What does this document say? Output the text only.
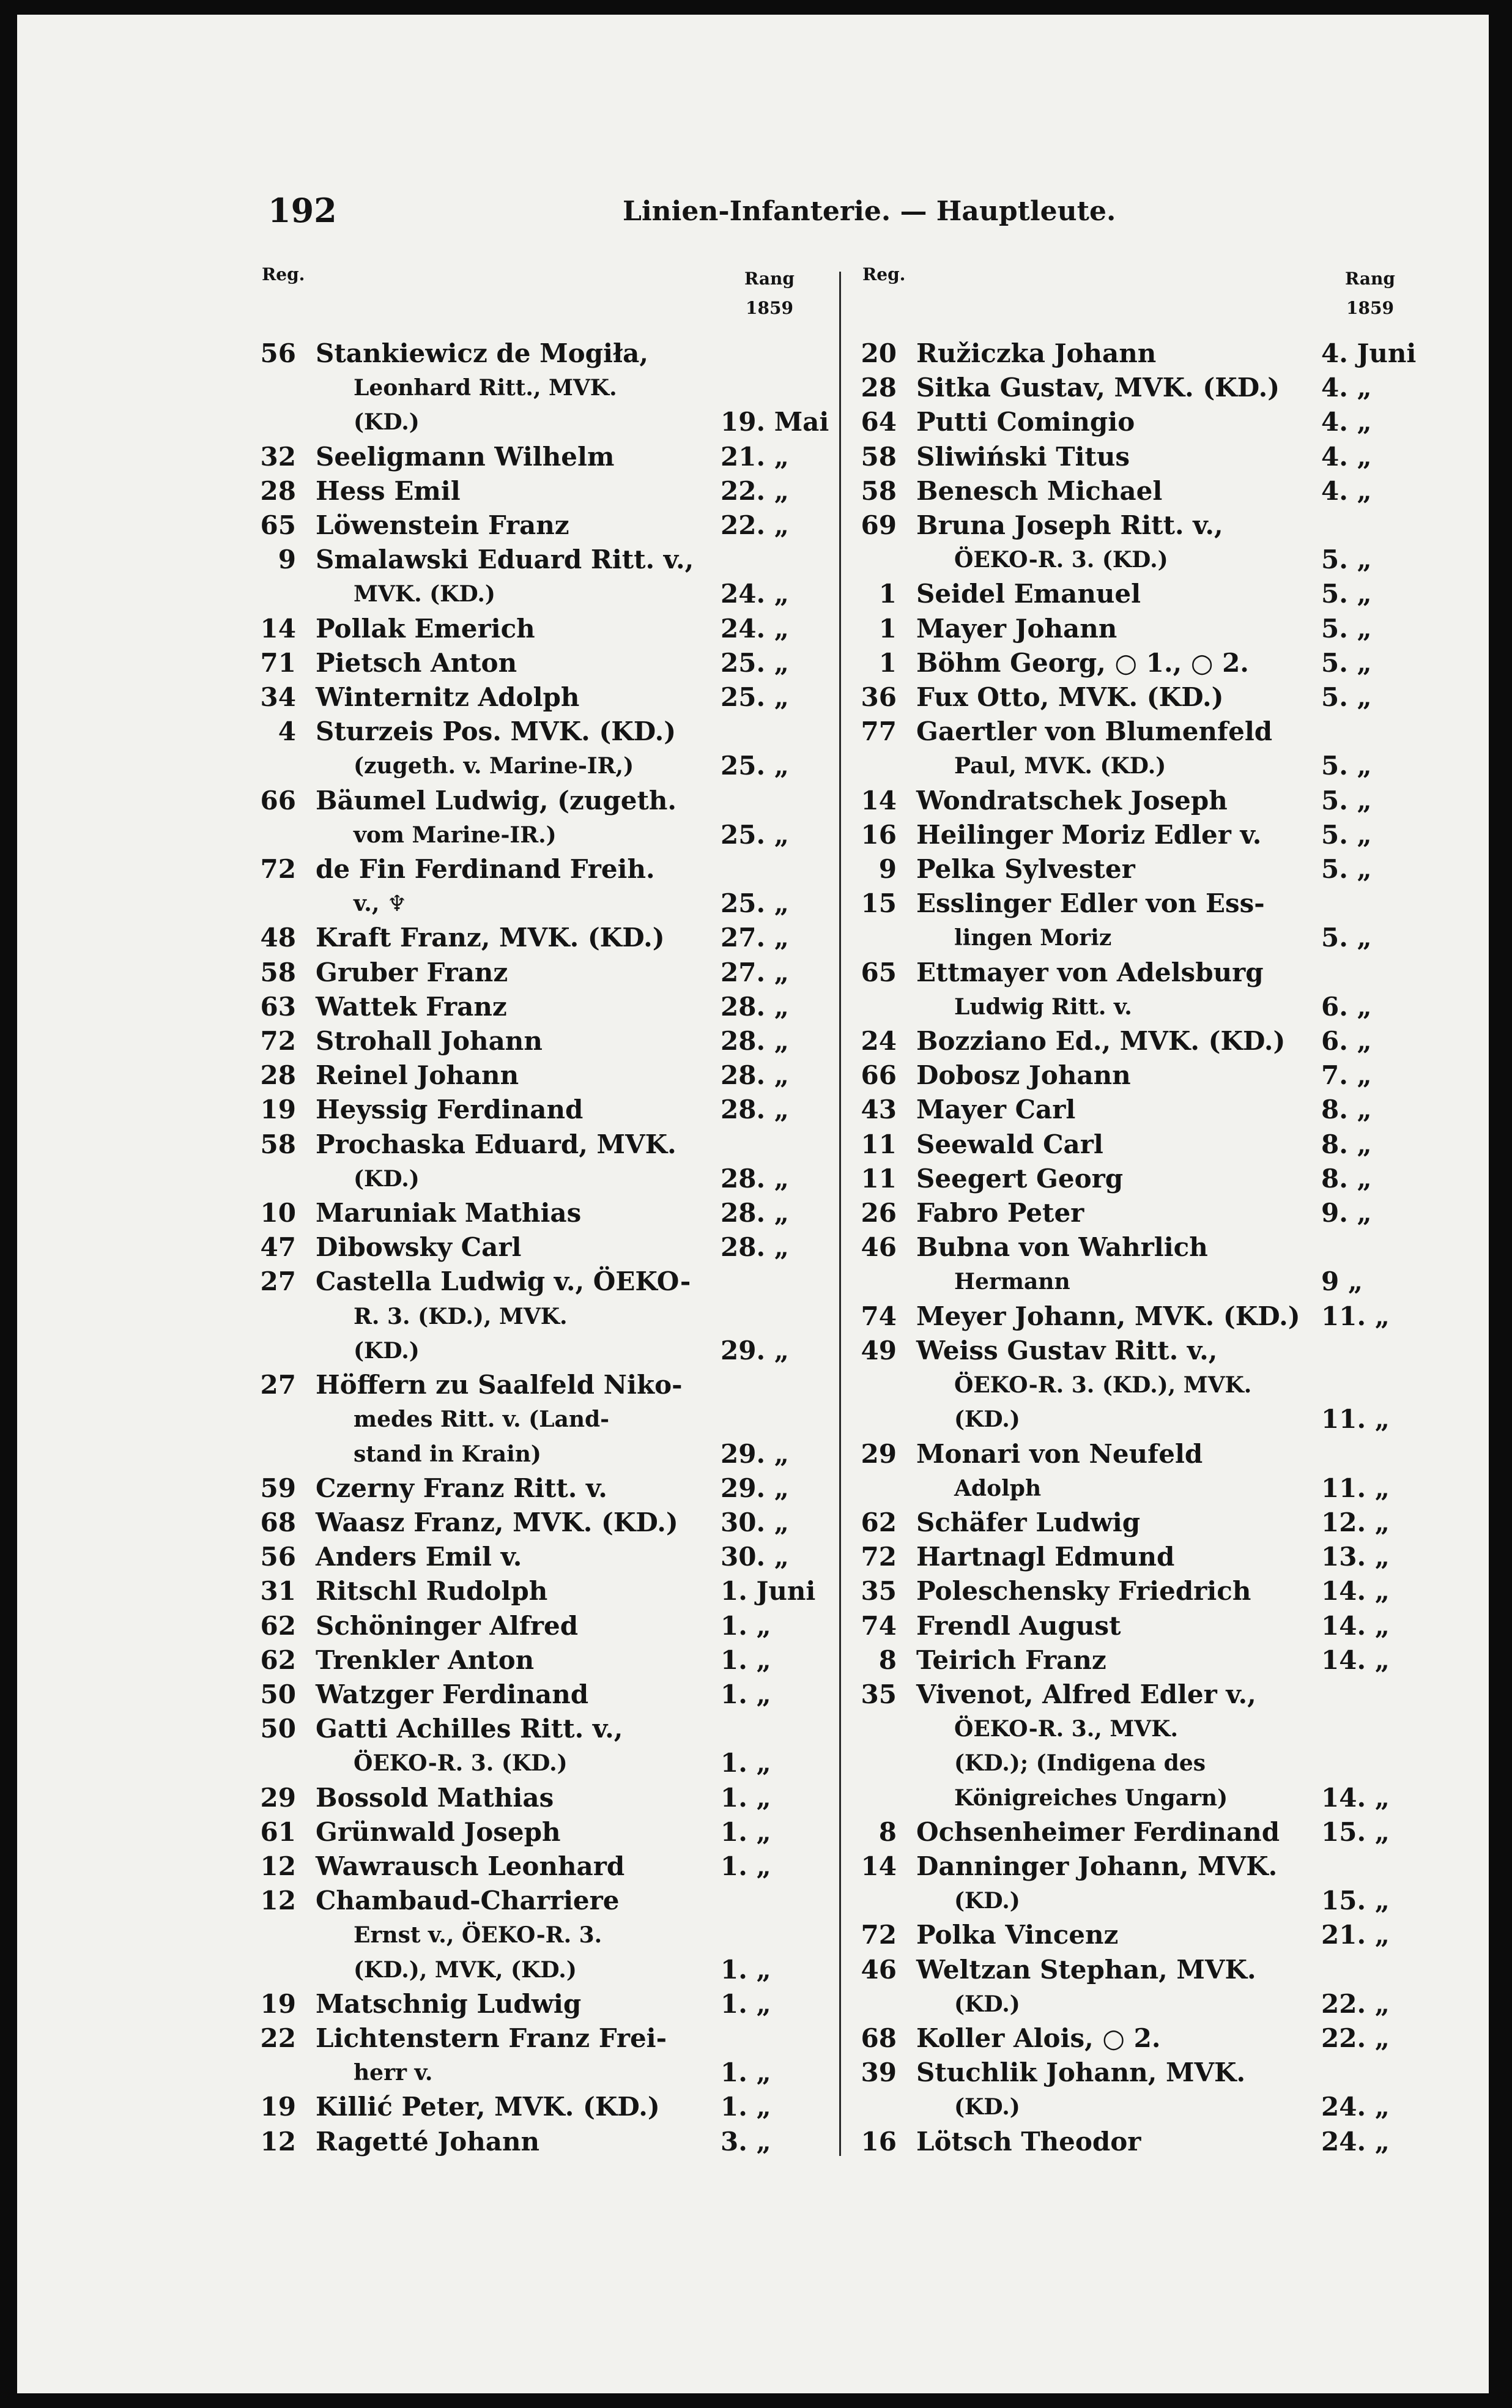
192	Linien-Infanterie. — Hauptleute.
Reg.	Rang
1859
56 Stankiewicz de Mogiła,
Leonhard Ritt., MVK.
(KD.)	19. Mai
32 Seeligmann Wilhelm	21. „
28 Hess Emil	22. „
65 Löwenstein Franz	22. „
9 Smalawski Eduard Ritt. v.,
MVK. (KD.)	24. „
14 Pollak Emerich	24. „
71 Pietsch Anton	25. „
34 Winternitz Adolph	25. „
4 Sturzeis Pos. MVK. (KD.)
(zugeth. v. Marine-IR,)	25. „
66 Bäumel Ludwig, (zugeth.
vom Marine-IR.)	25. „
72 de Fin Ferdinand Freih.
v., ♆	25. „
48 Kraft Franz, MVK. (KD.)	27. „
58 Gruber Franz	27. „
63 Wattek Franz	28. „
72 Strohall Johann	28. „
28 Reinel Johann	28. „
19 Heyssig Ferdinand	28. „
58 Prochaska Eduard, MVK.
(KD.)	28. „
10 Maruniak Mathias	28. „
47 Dibowsky Carl	28. „
27 Castella Ludwig v., ÖEKO-
R. 3. (KD.), MVK.
(KD.)	29. „
27 Höffern zu Saalfeld Niko-
medes Ritt. v. (Land-
stand in Krain)	29. „
59 Czerny Franz Ritt. v.	29. „
68 Waasz Franz, MVK. (KD.)	30. „
56 Anders Emil v.	30. „
31 Ritschl Rudolph	1. Juni
62 Schöninger Alfred	1. „
62 Trenkler Anton	1. „
50 Watzger Ferdinand	1. „
50 Gatti Achilles Ritt. v.,
ÖEKO-R. 3. (KD.)	1. „
29 Bossold Mathias	1. „
61 Grünwald Joseph	1. „
12 Wawrausch Leonhard	1. „
12 Chambaud-Charriere
Ernst v., ÖEKO-R. 3.
(KD.), MVK, (KD.)	1. „
19 Matschnig Ludwig	1. „
22 Lichtenstern Franz Frei-
herr v.	1. „
19 Killić Peter, MVK. (KD.)	1. „
12 Ragetté Johann	3. „
Reg.	Rang
1859
20 Ružiczka Johann	4. Juni
28 Sitka Gustav, MVK. (KD.)	4. „
64 Putti Comingio	4. „
58 Sliwiński Titus	4. „
58 Benesch Michael	4. „
69 Bruna Joseph Ritt. v.,
ÖEKO-R. 3. (KD.)	5. „
1 Seidel Emanuel	5. „
1 Mayer Johann	5. „
1 Böhm Georg, ○ 1., ○ 2.	5. „
36 Fux Otto, MVK. (KD.)	5. „
77 Gaertler von Blumenfeld
Paul, MVK. (KD.)	5. „
14 Wondratschek Joseph	5. „
16 Heilinger Moriz Edler v.	5. „
9 Pelka Sylvester	5. „
15 Esslinger Edler von Ess-
lingen Moriz	5. „
65 Ettmayer von Adelsburg
Ludwig Ritt. v.	6. „
24 Bozziano Ed., MVK. (KD.)	6. „
66 Dobosz Johann	7. „
43 Mayer Carl	8. „
11 Seewald Carl	8. „
11 Seegert Georg	8. „
26 Fabro Peter	9. „
46 Bubna von Wahrlich
Hermann	9 „
74 Meyer Johann, MVK. (KD.) 11. „
49 Weiss Gustav Ritt. v.,
ÖEKO-R. 3. (KD.), MVK.
(KD.)	11. „
29 Monari von Neufeld
Adolph	11. „
62 Schäfer Ludwig	12. „
72 Hartnagl Edmund	13. „
35 Poleschensky Friedrich	14. „
74 Frendl August	14. „
8 Teirich Franz	14. „
35 Vivenot, Alfred Edler v.,
ÖEKO-R. 3., MVK.
(KD.); (Indigena des
Königreiches Ungarn)	14. „
8 Ochsenheimer Ferdinand	15. „
14 Danninger Johann, MVK.
(KD.)	15. „
72 Polka Vincenz	21. „
46 Weltzan Stephan, MVK.
(KD.)	22. „
68 Koller Alois, ○ 2.	22. „
39 Stuchlik Johann, MVK.
(KD.)	24. „
16 Lötsch Theodor	24. „
